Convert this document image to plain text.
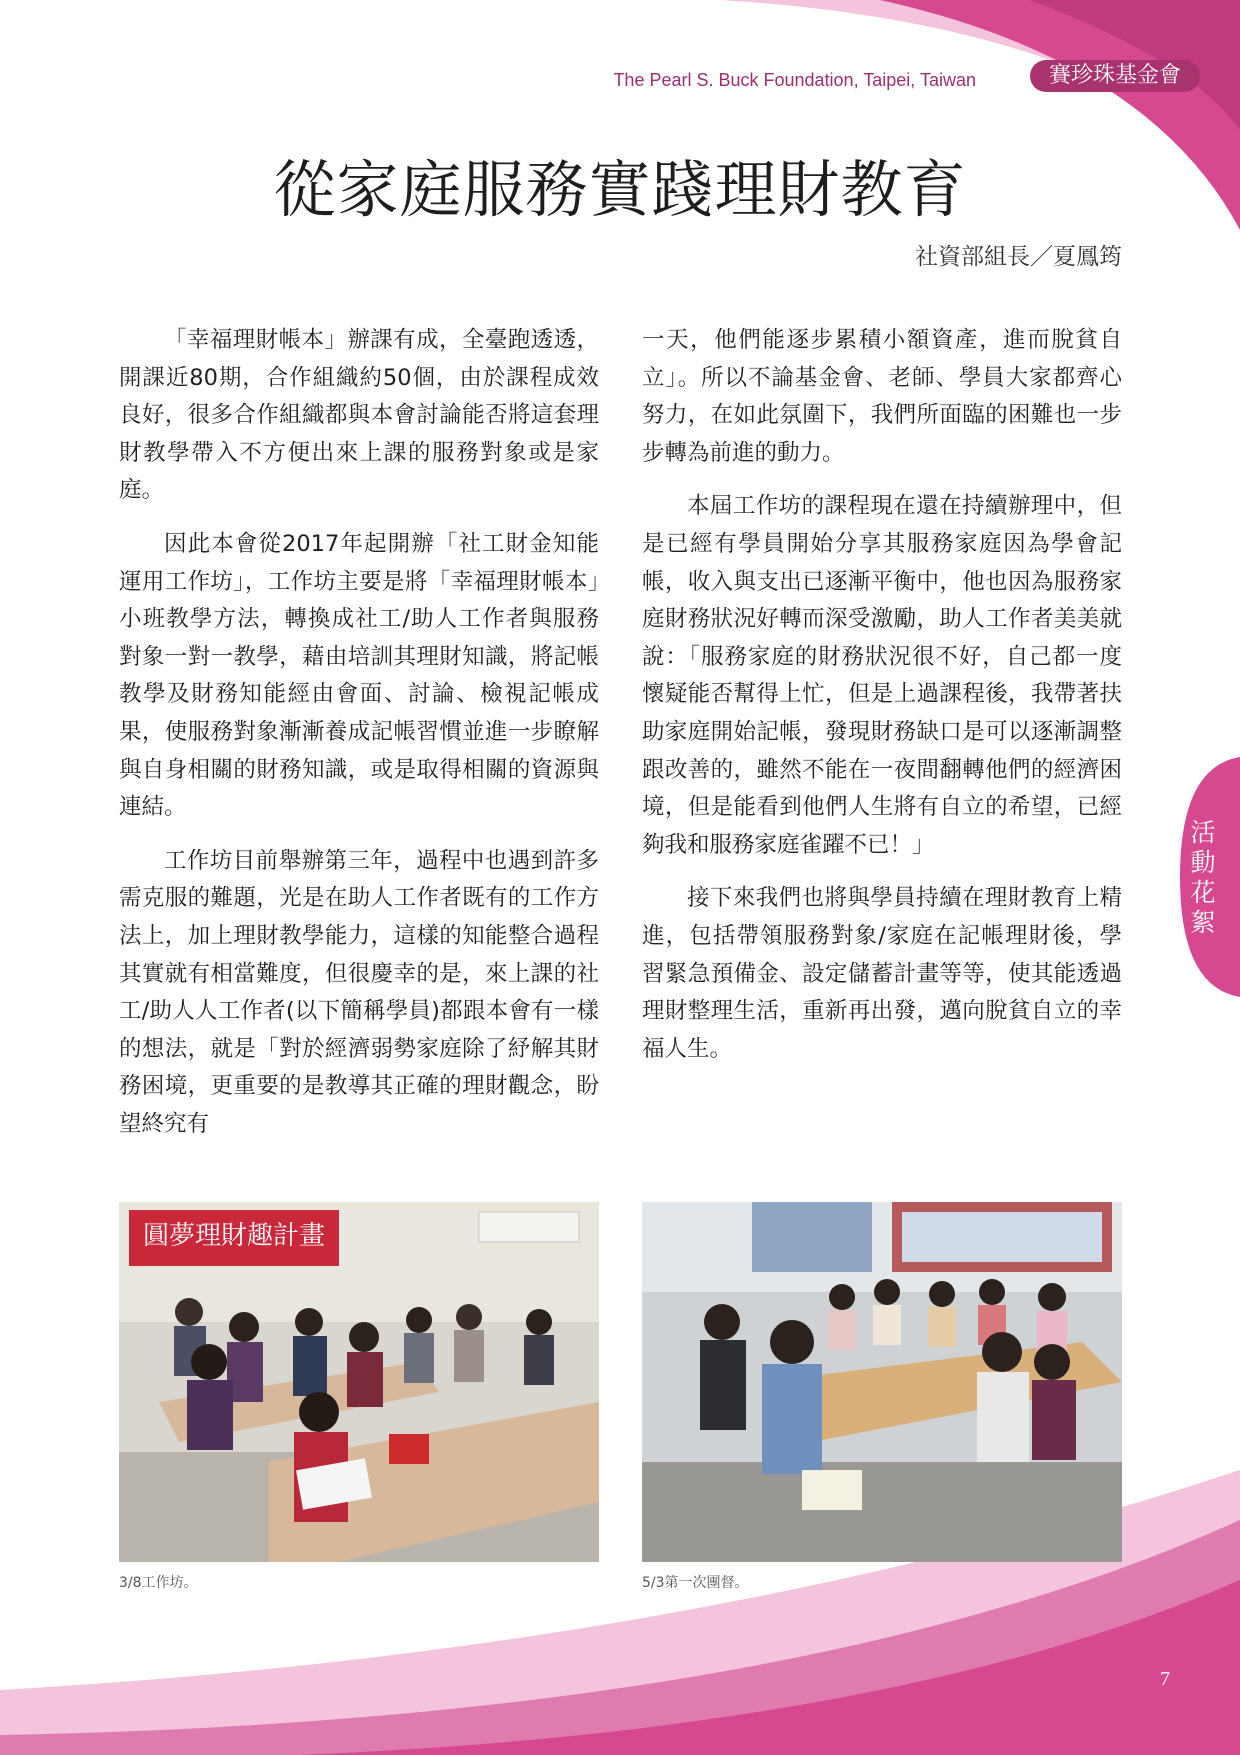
The Pearl S. Buck Foundation, Taipei, Taiwan	賽珍珠基金會
從家庭服務實踐理財教育
社資部組長／夏鳳筠

「幸福理財帳本」辦課有成，全臺跑透透，開課近80期，合作組織約50個，由於課程成效良好，很多合作組織都與本會討論能否將這套理財教學帶入不方便出來上課的服務對象或是家庭。

因此本會從2017年起開辦「社工財金知能運用工作坊」，工作坊主要是將「幸福理財帳本」小班教學方法，轉換成社工/助人工作者與服務對象一對一教學，藉由培訓其理財知識，將記帳教學及財務知能經由會面、討論、檢視記帳成果，使服務對象漸漸養成記帳習慣並進一步瞭解與自身相關的財務知識，或是取得相關的資源與連結。

工作坊目前舉辦第三年，過程中也遇到許多需克服的難題，光是在助人工作者既有的工作方法上，加上理財教學能力，這樣的知能整合過程其實就有相當難度，但很慶幸的是，來上課的社工/助人人工作者(以下簡稱學員)都跟本會有一樣的想法，就是「對於經濟弱勢家庭除了紓解其財務困境，更重要的是教導其正確的理財觀念，盼望終究有

一天，他們能逐步累積小額資產，進而脫貧自立」。所以不論基金會、老師、學員大家都齊心努力，在如此氛圍下，我們所面臨的困難也一步步轉為前進的動力。

本屆工作坊的課程現在還在持續辦理中，但是已經有學員開始分享其服務家庭因為學會記帳，收入與支出已逐漸平衡中，他也因為服務家庭財務狀況好轉而深受激勵，助人工作者美美就說：「服務家庭的財務狀況很不好，自己都一度懷疑能否幫得上忙，但是上過課程後，我帶著扶助家庭開始記帳，發現財務缺口是可以逐漸調整跟改善的，雖然不能在一夜間翻轉他們的經濟困境，但是能看到他們人生將有自立的希望，已經夠我和服務家庭雀躍不已！」

接下來我們也將與學員持續在理財教育上精進，包括帶領服務對象/家庭在記帳理財後，學習緊急預備金、設定儲蓄計畫等等，使其能透過理財整理生活，重新再出發，邁向脫貧自立的幸福人生。

圓夢理財趣計畫
3/8工作坊。	5/3第一次團督。
活動花絮
7
